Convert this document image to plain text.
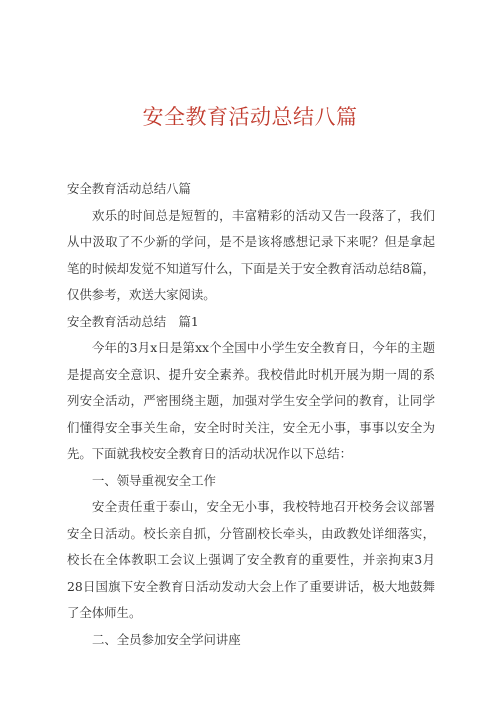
安全教育活动总结八篇

安全教育活动总结八篇

欢乐的时间总是短暂的，丰富精彩的活动又告一段落了，我们从中汲取了不少新的学问，是不是该将感想记录下来呢？但是拿起笔的时候却发觉不知道写什么，下面是关于安全教育活动总结8篇，仅供参考，欢送大家阅读。

安全教育活动总结　篇1

今年的3月x日是第xx个全国中小学生安全教育日，今年的主题是提高安全意识、提升安全素养。我校借此时机开展为期一周的系列安全活动，严密围绕主题，加强对学生安全学问的教育，让同学们懂得安全事关生命，安全时时关注，安全无小事，事事以安全为先。下面就我校安全教育日的活动状况作以下总结：

一、领导重视安全工作

安全责任重于泰山，安全无小事，我校特地召开校务会议部署安全日活动。校长亲自抓，分管副校长牵头，由政教处详细落实，校长在全体教职工会议上强调了安全教育的重要性，并亲拘束3月28日国旗下安全教育日活动发动大会上作了重要讲话，极大地鼓舞了全体师生。

二、全员参加安全学问讲座
